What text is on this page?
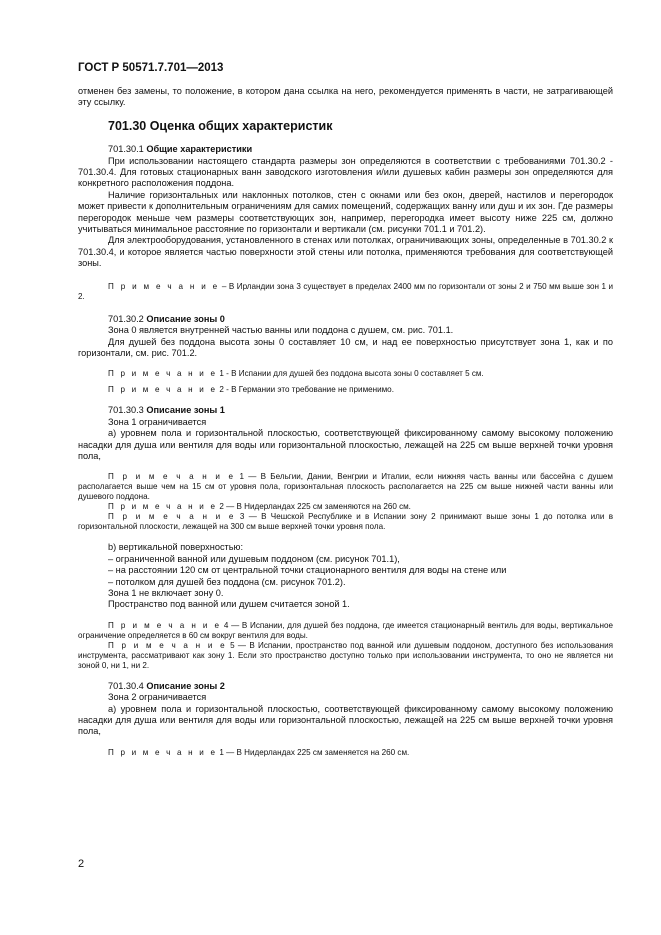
ГОСТ Р 50571.7.701—2013

отменен без замены, то положение, в котором дана ссылка на него, рекомендуется применять в части, не затрагивающей эту ссылку.

701.30 Оценка общих характеристик
701.30.1 Общие характеристики

При использовании настоящего стандарта размеры зон определяются в соответствии с требованиями 701.30.2 - 701.30.4. Для готовых стационарных ванн заводского изготовления и/или душевых кабин размеры зон определяются для конкретного расположения поддона.

Наличие горизонтальных или наклонных потолков, стен с окнами или без окон, дверей, настилов и перегородок может привести к дополнительным ограничениям для самих помещений, содержащих ванну или душ и их зон. Где размеры перегородок меньше чем размеры соответствующих зон, например, перегородка имеет высоту ниже 225 см, должно учитываться минимальное расстояние по горизонтали и вертикали (см. рисунки 701.1 и 701.2).

Для электрооборудования, установленного в стенах или потолках, ограничивающих зоны, определенные в 701.30.2 к 701.30.4, и которое является частью поверхности этой стены или потолка, применяются требования для соответствующей зоны.

П р и м е ч а н и е – В Ирландии зона 3 существует в пределах 2400 мм по горизонтали от зоны 2 и 750 мм выше зон 1 и 2.

701.30.2 Описание зоны 0

Зона 0 является внутренней частью ванны или поддона с душем, см. рис. 701.1.

Для душей без поддона высота зоны 0 составляет 10 см, и над ее поверхностью присутствует зона 1, как и по горизонтали, см. рис. 701.2.

П р и м е ч а н и е 1 - В Испании для душей без поддона высота зоны 0 составляет 5 см.

П р и м е ч а н и е 2 - В Германии это требование не применимо.

701.30.3 Описание зоны 1

Зона 1 ограничивается

а) уровнем пола и горизонтальной плоскостью, соответствующей фиксированному самому высокому положению насадки для душа или вентиля для воды или горизонтальной плоскостью, лежащей на 225 см выше верхней точки уровня пола,

П р и м е ч а н и е 1 — В Бельгии, Дании, Венгрии и Италии, если нижняя часть ванны или бассейна с душем располагается выше чем на 15 см от уровня пола, горизонтальная плоскость располагается на 225 см выше нижней части ванны или душевого поддона.

П р и м е ч а н и е 2 — В Нидерландах 225 см заменяются на 260 см.

П р и м е ч а н и е 3 — В Чешской Республике и в Испании зону 2 принимают выше зоны 1 до потолка или в горизонтальной плоскости, лежащей на 300 см выше верхней точки уровня пола.

b) вертикальной поверхностью:

– ограниченной ванной или душевым поддоном (см. рисунок 701.1),

– на расстоянии 120 см от центральной точки стационарного вентиля для воды на стене или

– потолком для душей без поддона (см. рисунок 701.2).

Зона 1 не включает зону 0.

Пространство под ванной или душем считается зоной 1.

П р и м е ч а н и е 4 — В Испании, для душей без поддона, где имеется стационарный вентиль для воды, вертикальное ограничение определяется в 60 см вокруг вентиля для воды.

П р и м е ч а н и е 5 — В Испании, пространство под ванной или душевым поддоном, доступного без использования инструмента, рассматривают как зону 1. Если это пространство доступно только при использовании инструмента, то оно не является ни зоной 0, ни 1, ни 2.

701.30.4 Описание зоны 2

Зона 2 ограничивается

а) уровнем пола и горизонтальной плоскостью, соответствующей фиксированному самому высокому положению насадки для душа или вентиля для воды или горизонтальной плоскостью, лежащей на 225 см выше верхней точки уровня пола,

П р и м е ч а н и е 1 — В Нидерландах 225 см заменяется на 260 см.

2
